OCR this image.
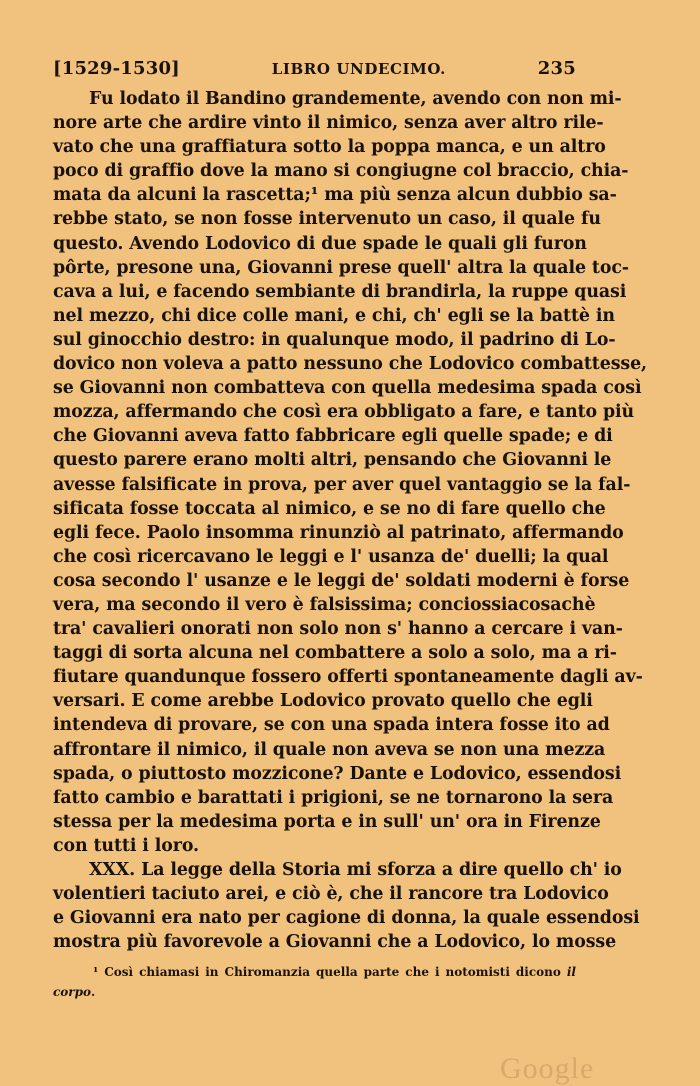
[1529-1530]	LIBRO UNDECIMO.	235
Fu lodato il Bandino grandemente, avendo con non mi-
nore arte che ardire vinto il nimico, senza aver altro rile-
vato che una graffiatura sotto la poppa manca, e un altro
poco di graffio dove la mano si congiugne col braccio, chia-
mata da alcuni la rascetta;¹ ma più senza alcun dubbio sa-
rebbe stato, se non fosse intervenuto un caso, il quale fu
questo. Avendo Lodovico di due spade le quali gli furon
pôrte, presone una, Giovanni prese quell' altra la quale toc-
cava a lui, e facendo sembiante di brandirla, la ruppe quasi
nel mezzo, chi dice colle mani, e chi, ch' egli se la battè in
sul ginocchio destro: in qualunque modo, il padrino di Lo-
dovico non voleva a patto nessuno che Lodovico combattesse,
se Giovanni non combatteva con quella medesima spada così
mozza, affermando che così era obbligato a fare, e tanto più
che Giovanni aveva fatto fabbricare egli quelle spade; e di
questo parere erano molti altri, pensando che Giovanni le
avesse falsificate in prova, per aver quel vantaggio se la fal-
sificata fosse toccata al nimico, e se no di fare quello che
egli fece. Paolo insomma rinunziò al patrinato, affermando
che così ricercavano le leggi e l' usanza de' duelli; la qual
cosa secondo l' usanze e le leggi de' soldati moderni è forse
vera, ma secondo il vero è falsissima; conciossiacosachè
tra' cavalieri onorati non solo non s' hanno a cercare i van-
taggi di sorta alcuna nel combattere a solo a solo, ma a ri-
fiutare quandunque fossero offerti spontaneamente dagli av-
versari. E come arebbe Lodovico provato quello che egli
intendeva di provare, se con una spada intera fosse ito ad
affrontare il nimico, il quale non aveva se non una mezza
spada, o piuttosto mozzicone? Dante e Lodovico, essendosi
fatto cambio e barattati i prigioni, se ne tornarono la sera
stessa per la medesima porta e in sull' un' ora in Firenze
con tutti i loro.
XXX. La legge della Storia mi sforza a dire quello ch' io
volentieri taciuto arei, e ciò è, che il rancore tra Lodovico
e Giovanni era nato per cagione di donna, la quale essendosi
mostra più favorevole a Giovanni che a Lodovico, lo mosse
¹ Così chiamasi in Chiromanzia quella parte che i notomisti dicono il
corpo.
Google
